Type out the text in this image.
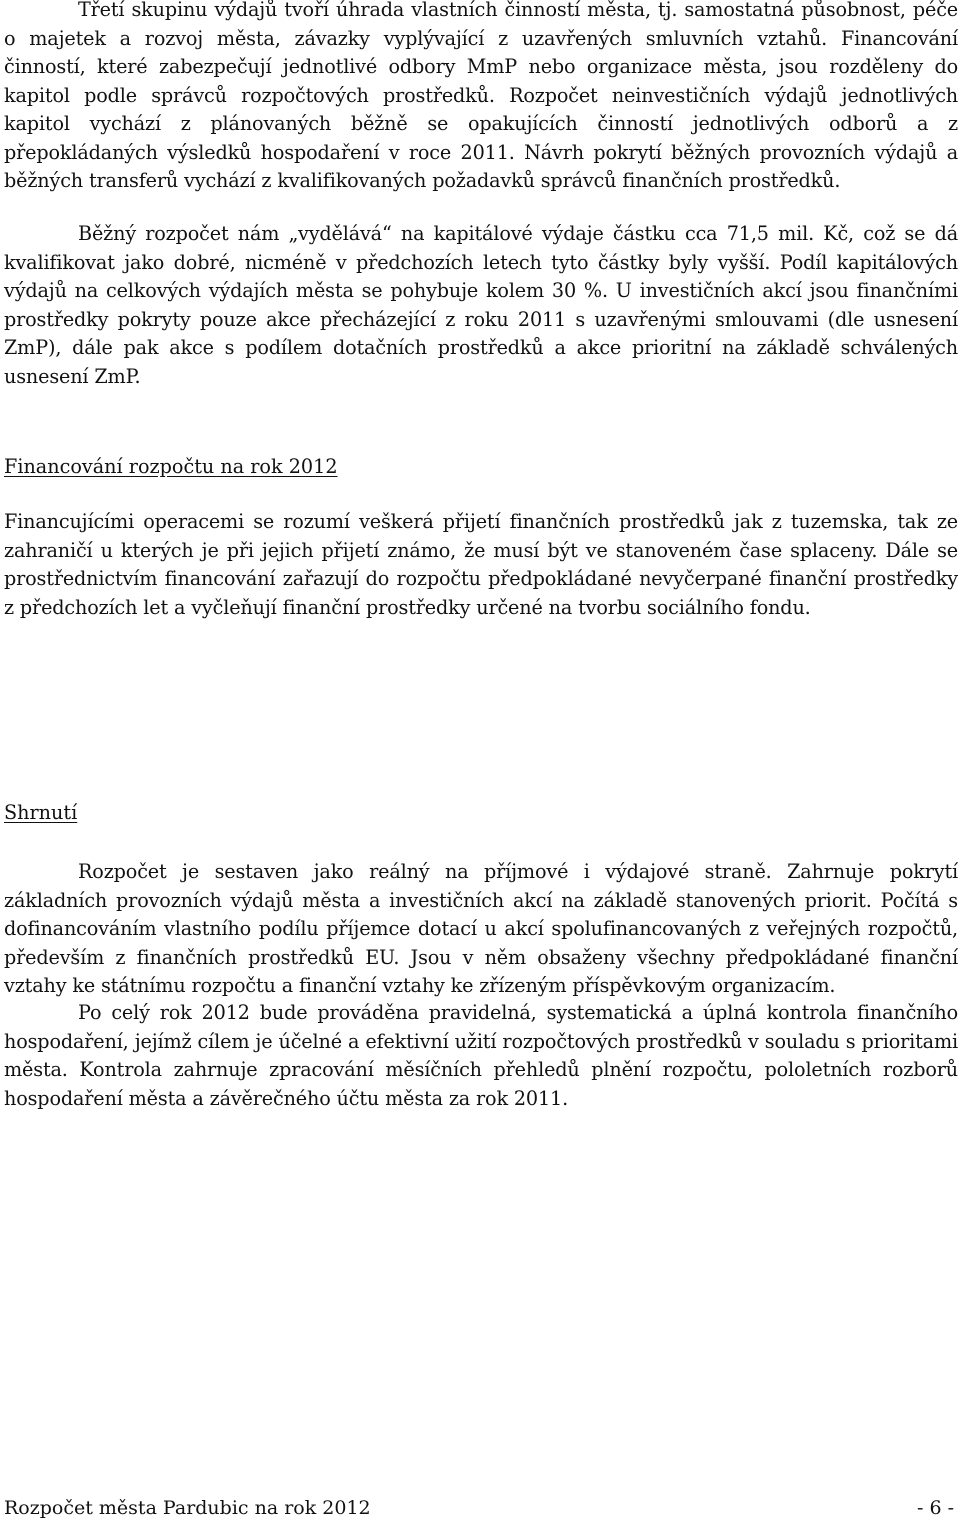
Třetí skupinu výdajů tvoří úhrada vlastních činností města, tj. samostatná působnost, péče o majetek a rozvoj města, závazky vyplývající z uzavřených smluvních vztahů. Financování činností, které zabezpečují jednotlivé odbory MmP nebo organizace města, jsou rozděleny do kapitol podle správců rozpočtových prostředků. Rozpočet neinvestičních výdajů jednotlivých kapitol vychází z plánovaných běžně se opakujících činností jednotlivých odborů a z přepokládaných výsledků hospodaření v roce 2011. Návrh pokrytí běžných provozních výdajů a běžných transferů vychází z kvalifikovaných požadavků správců finančních prostředků.

Běžný rozpočet nám „vydělává“ na kapitálové výdaje částku cca 71,5 mil. Kč, což se dá kvalifikovat jako dobré, nicméně v předchozích letech tyto částky byly vyšší. Podíl kapitálových výdajů na celkových výdajích města se pohybuje kolem 30 %. U investičních akcí jsou finančními prostředky pokryty pouze akce přecházející z roku 2011 s uzavřenými smlouvami (dle usnesení ZmP), dále pak akce s podílem dotačních prostředků a akce prioritní na základě schválených usnesení ZmP.

Financování rozpočtu na rok 2012

Financujícími operacemi se rozumí veškerá přijetí finančních prostředků jak z tuzemska, tak ze zahraničí u kterých je při jejich přijetí známo, že musí být ve stanoveném čase splaceny. Dále se prostřednictvím financování zařazují do rozpočtu předpokládané nevyčerpané finanční prostředky z předchozích let a vyčleňují finanční prostředky určené na tvorbu sociálního fondu.

Shrnutí

Rozpočet je sestaven jako reálný na příjmové i výdajové straně. Zahrnuje pokrytí základních provozních výdajů města a investičních akcí na základě stanovených priorit. Počítá s dofinancováním vlastního podílu příjemce dotací u akcí spolufinancovaných z veřejných rozpočtů, především z finančních prostředků EU. Jsou v něm obsaženy všechny předpokládané finanční vztahy ke státnímu rozpočtu a finanční vztahy ke zřízeným příspěvkovým organizacím.

Po celý rok 2012 bude prováděna pravidelná, systematická a úplná kontrola finančního hospodaření, jejímž cílem je účelné a efektivní užití rozpočtových prostředků v souladu s prioritami města. Kontrola zahrnuje zpracování měsíčních přehledů plnění rozpočtu, pololetních rozborů hospodaření města a závěrečného účtu města za rok 2011.

Rozpočet města Pardubic na rok 2012	- 6 -
